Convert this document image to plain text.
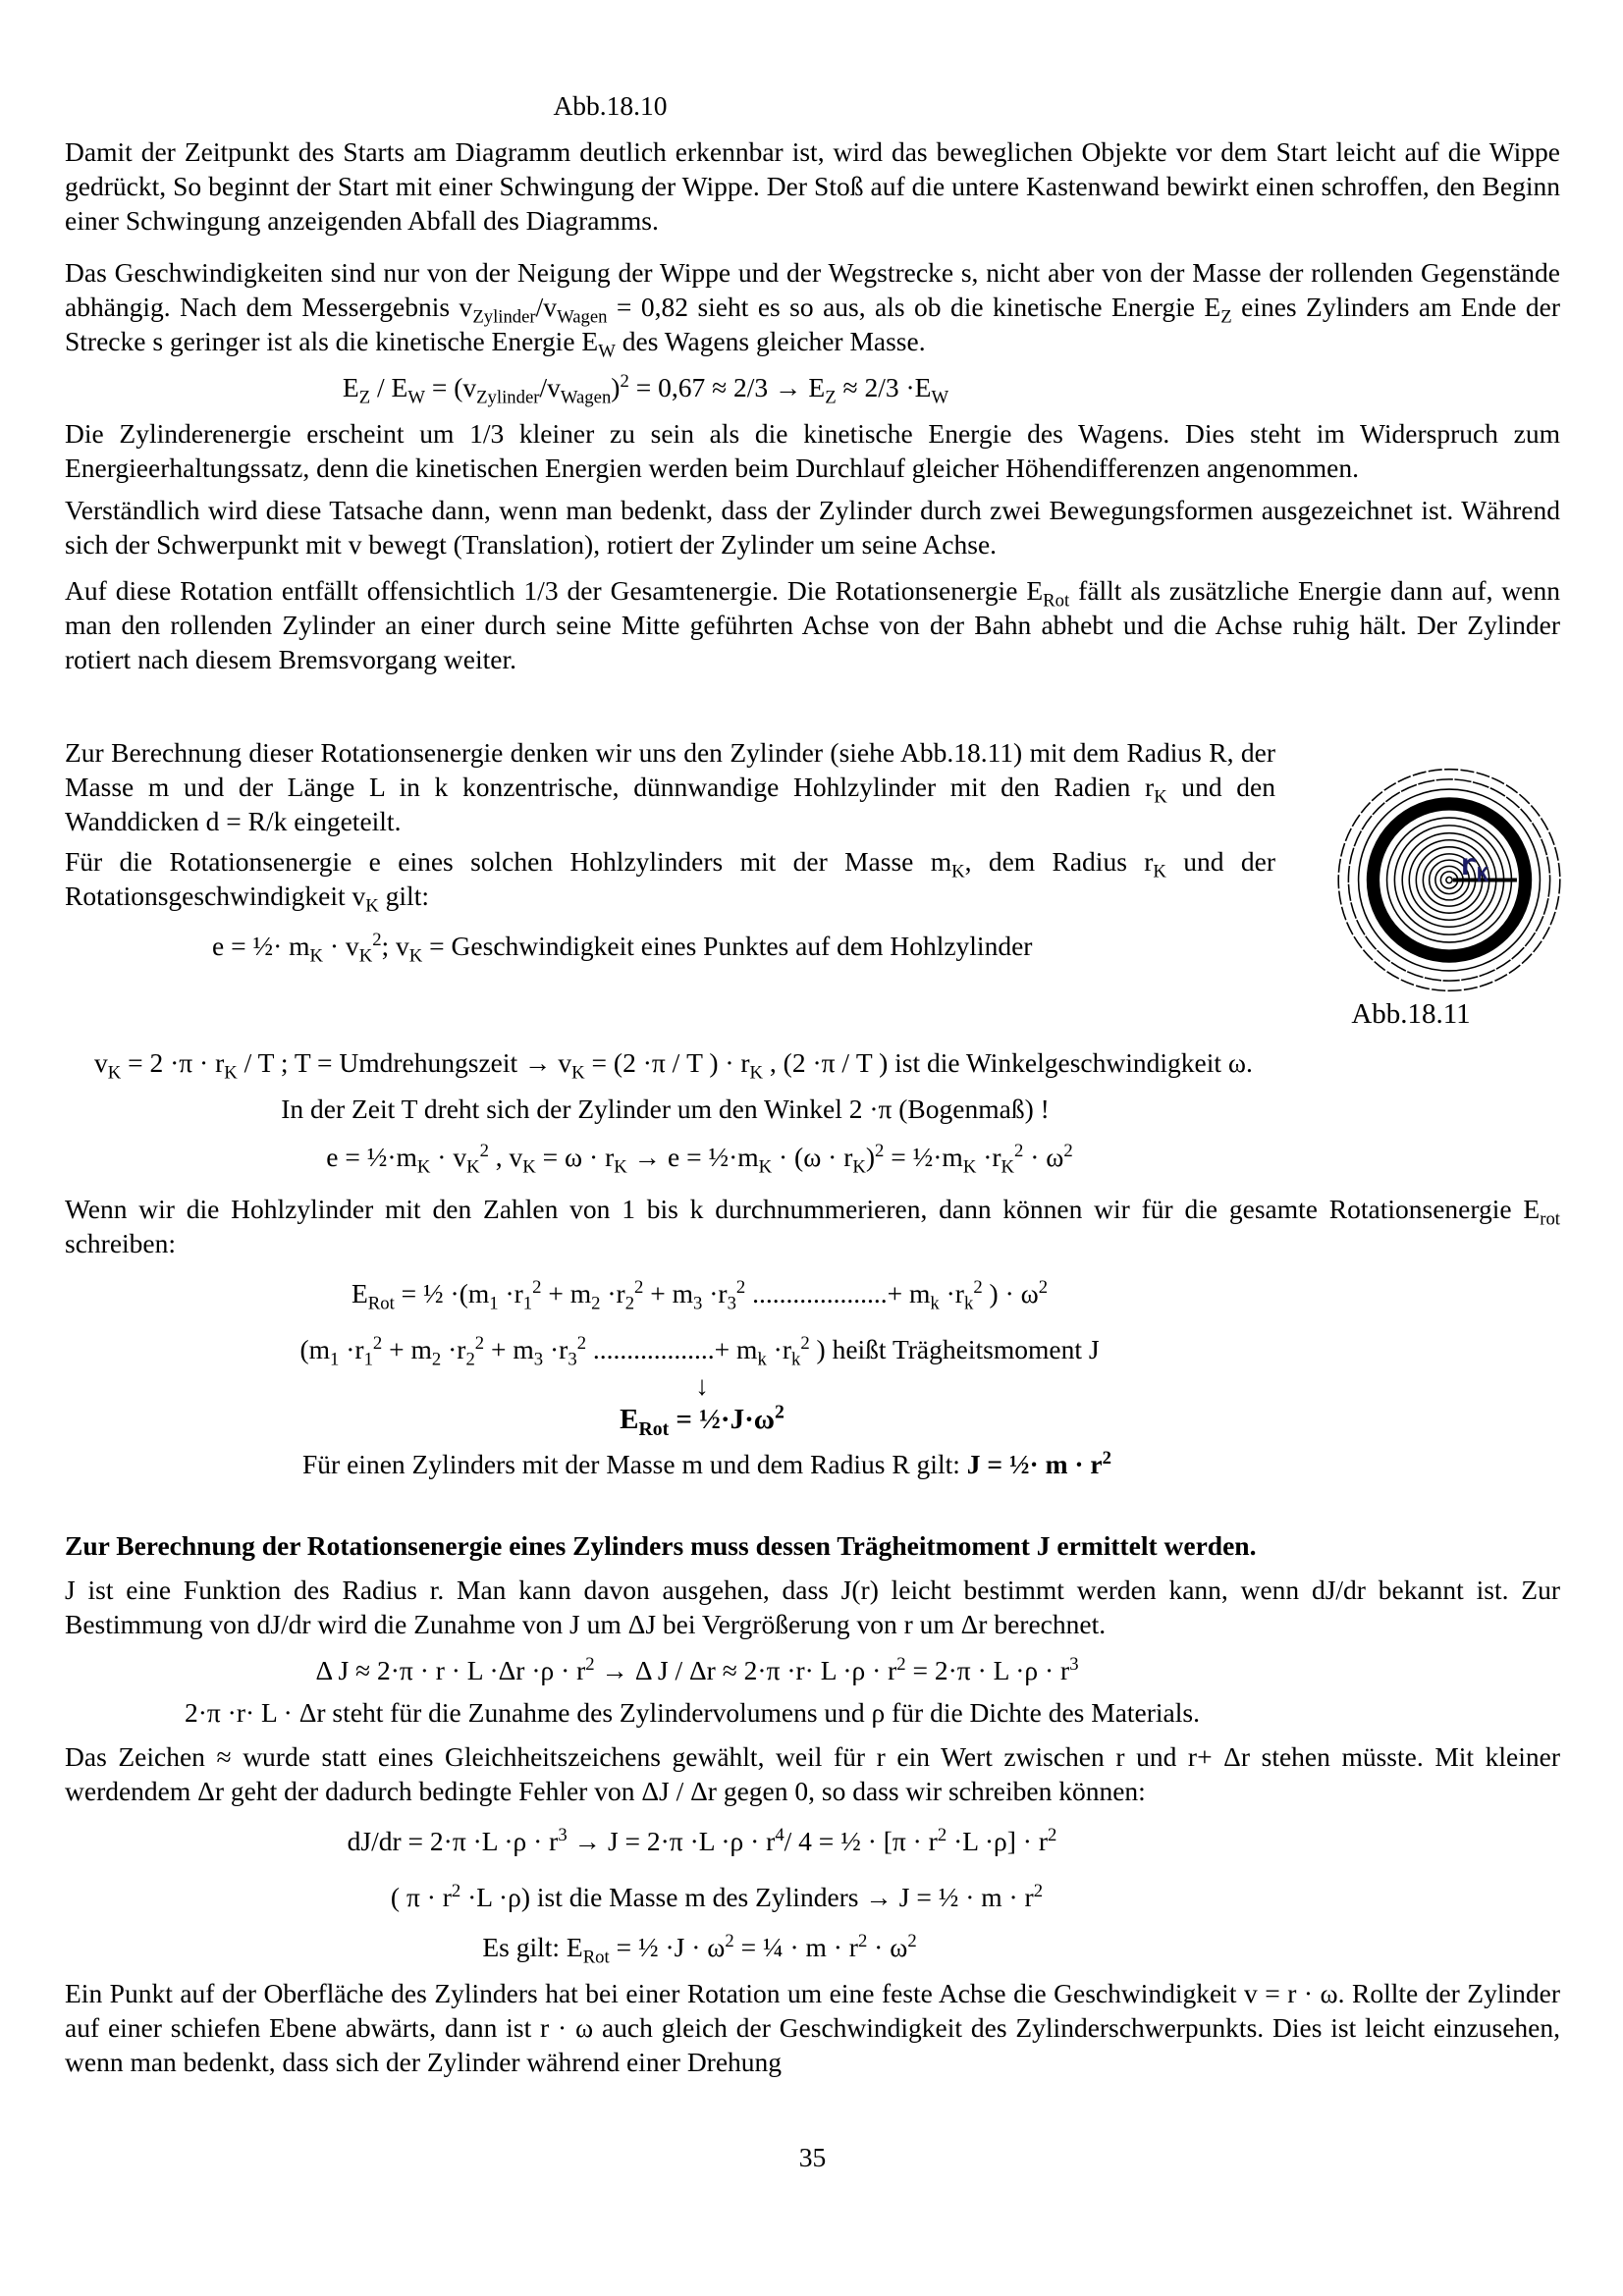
Abb.18.10
Damit der Zeitpunkt des Starts am Diagramm deutlich erkennbar ist, wird das beweglichen Objekte vor dem Start leicht auf die Wippe gedrückt, So beginnt der Start mit einer Schwingung der Wippe. Der Stoß auf die untere Kastenwand bewirkt einen schroffen, den Beginn einer Schwingung anzeigenden Abfall des Diagramms.
Das Geschwindigkeiten sind nur von der Neigung der Wippe und der Wegstrecke s, nicht aber von der Masse der rollenden Gegenstände abhängig. Nach dem Messergebnis $v_{Zylinder}/v_{Wagen} = 0,82$ sieht es so aus, als ob die kinetische Energie $E_Z$ eines Zylinders am Ende der Strecke s geringer ist als die kinetische Energie $E_W$ des Wagens gleicher Masse.
$E_Z / E_W = (v_{Zylinder}/v_{Wagen})^2 = 0,67 \approx 2/3 \to E_Z \approx 2/3 \cdot E_W$
Die Zylinderenergie erscheint um 1/3 kleiner zu sein als die kinetische Energie des Wagens. Dies steht im Widerspruch zum Energieerhaltungssatz, denn die kinetischen Energien werden beim Durchlauf gleicher Höhendifferenzen angenommen.
Verständlich wird diese Tatsache dann, wenn man bedenkt, dass der Zylinder durch zwei Bewegungsformen ausgezeichnet ist. Während sich der Schwerpunkt mit v bewegt (Translation), rotiert der Zylinder um seine Achse.
Auf diese Rotation entfällt offensichtlich 1/3 der Gesamtenergie. Die Rotationsenergie $E_{Rot}$ fällt als zusätzliche Energie dann auf, wenn man den rollenden Zylinder an einer durch seine Mitte geführten Achse von der Bahn abhebt und die Achse ruhig hält. Der Zylinder rotiert nach diesem Bremsvorgang weiter.
$r_K$
Abb.18.11
Zur Berechnung dieser Rotationsenergie denken wir uns den Zylinder (siehe Abb.18.11) mit dem Radius R, der Masse m und der Länge L in k konzentrische, dünnwandige Hohlzylinder mit den Radien $r_K$ und den Wanddicken d = R/k eingeteilt.
Für die Rotationsenergie e eines solchen Hohlzylinders mit der Masse $m_K$, dem Radius $r_K$ und der Rotationsgeschwindigkeit $v_K$ gilt:
e = ½· $m_K \cdot v_K^2$; $v_K$ = Geschwindigkeit eines Punktes auf dem Hohlzylinder
$v_K = 2 \cdot\pi \cdot r_K / T$ ; T = Umdrehungszeit → $v_K = (2 \cdot\pi / T$ ) · $r_K$ , (2 ·π / T ) ist die Winkelgeschwindigkeit ω.
In der Zeit T dreht sich der Zylinder um den Winkel 2 ·π (Bogenmaß) !
$e = \frac{1}{2}\cdot m_K \cdot v_K^2$ , $v_K = \omega \cdot r_K \to e$ = $\frac{1}{2}\cdot m_K \cdot (\omega \cdot r_K)^2$ = $\frac{1}{2}\cdot m_K \cdot r_K^2 \cdot \omega^2$
Wenn wir die Hohlzylinder mit den Zahlen von 1 bis k durchnummerieren, dann können wir für die gesamte Rotationsenergie $E_{rot}$ schreiben:
$E_{Rot}$ = ½ $\cdot(m_1 \cdot r_1^2 + m_2 \cdot r_2^2 + m_3 \cdot r_3^2$ ....................+ $m_k \cdot r_k^2$ ) · $\omega^2$
($m_1 \cdot r_1^2 + m_2 \cdot r_2^2 + m_3 \cdot r_3^2$ ..................+ $m_k \cdot r_k^2$ ) heißt Trägheitsmoment J
↓
$E_{Rot}$ = $\frac{1}{2}\cdot J\cdot\omega^2$
Für einen Zylinders mit der Masse m und dem Radius R gilt: J = ½· $m \cdot r^2$
Zur Berechnung der Rotationsenergie eines Zylinders muss dessen Trägheitmoment J ermittelt werden.
J ist eine Funktion des Radius r. Man kann davon ausgehen, dass J(r) leicht bestimmt werden kann, wenn dJ/dr bekannt ist. Zur Bestimmung von dJ/dr wird die Zunahme von J um ΔJ bei Vergrößerung von r um Δr berechnet.
Δ $J \approx 2\cdot\pi \cdot r \cdot L \cdot\Delta r \cdot\rho \cdot r^2 \to \Delta$ $J / \Delta r \approx 2\cdot\pi \cdot r\cdot L \cdot\rho \cdot r^2 = 2\cdot\pi \cdot L \cdot\rho \cdot r^3$
2·π ·r· L · Δr steht für die Zunahme des Zylindervolumens und ρ für die Dichte des Materials.
Das Zeichen ≈ wurde statt eines Gleichheitszeichens gewählt, weil für r ein Wert zwischen r und r+ Δr stehen müsste. Mit kleiner werdendem Δr geht der dadurch bedingte Fehler von ΔJ / Δr gegen 0, so dass wir schreiben können:
$dJ/dr = 2\cdot\pi \cdot L \cdot\rho \cdot r^3 \to J = 2\cdot\pi \cdot L \cdot\rho \cdot r^4/$ 4 = ½ · $[\pi \cdot r^2 \cdot L \cdot\rho] \cdot r^2$
( $\pi \cdot r^2 \cdot L \cdot\rho$) ist die Masse m des Zylinders → J = ½ · $m \cdot r^2$
Es gilt: $E_{Rot}$ = ½ $\cdot J \cdot \omega^2$ = ¼ · $m \cdot r^2 \cdot \omega^2$
Ein Punkt auf der Oberfläche des Zylinders hat bei einer Rotation um eine feste Achse die Geschwindigkeit v = r · ω. Rollte der Zylinder auf einer schiefen Ebene abwärts, dann ist r · ω auch gleich der Geschwindigkeit des Zylinderschwerpunkts. Dies ist leicht einzusehen, wenn man bedenkt, dass sich der Zylinder während einer Drehung
35
